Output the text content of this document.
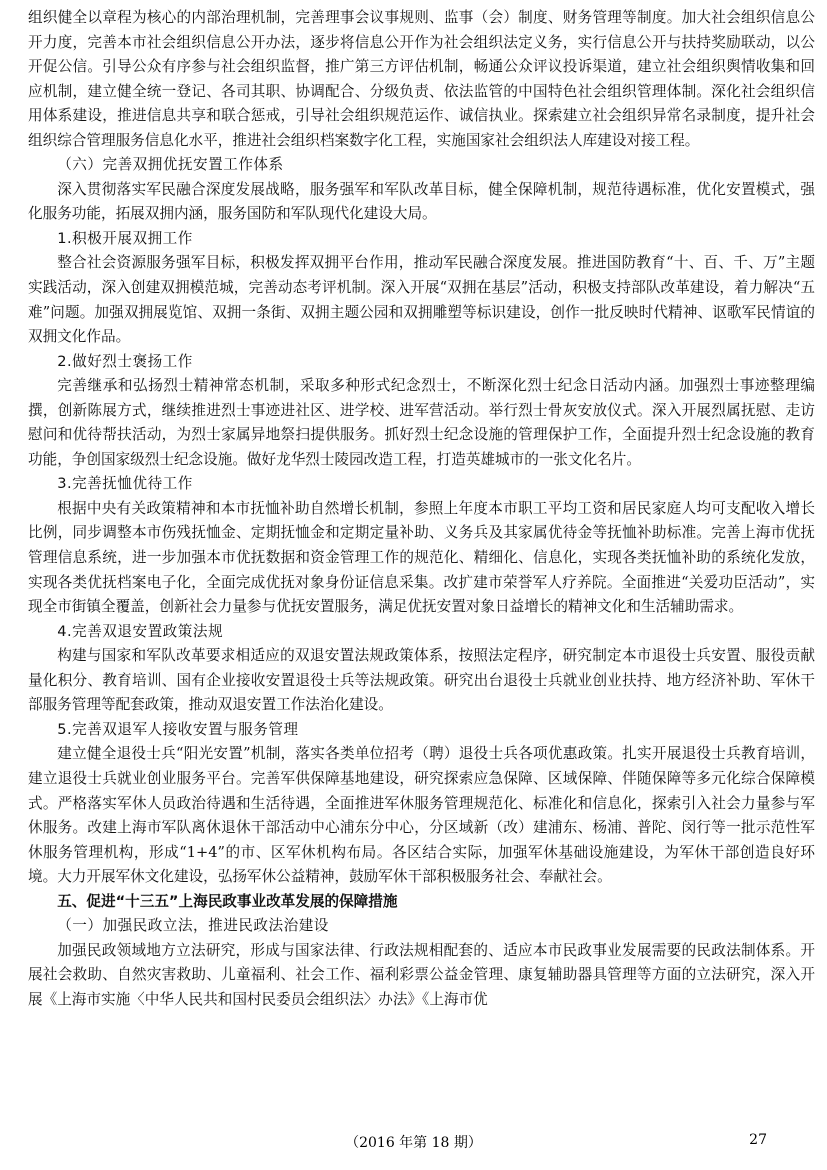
组织健全以章程为核心的内部治理机制，完善理事会议事规则、监事（会）制度、财务管理等制度。加大社会组织信息公开力度，完善本市社会组织信息公开办法，逐步将信息公开作为社会组织法定义务，实行信息公开与扶持奖励联动，以公开促公信。引导公众有序参与社会组织监督，推广第三方评估机制，畅通公众评议投诉渠道，建立社会组织舆情收集和回应机制，建立健全统一登记、各司其职、协调配合、分级负责、依法监管的中国特色社会组织管理体制。深化社会组织信用体系建设，推进信息共享和联合惩戒，引导社会组织规范运作、诚信执业。探索建立社会组织异常名录制度，提升社会组织综合管理服务信息化水平，推进社会组织档案数字化工程，实施国家社会组织法人库建设对接工程。

（六）完善双拥优抚安置工作体系

深入贯彻落实军民融合深度发展战略，服务强军和军队改革目标，健全保障机制，规范待遇标准，优化安置模式，强化服务功能，拓展双拥内涵，服务国防和军队现代化建设大局。

1.积极开展双拥工作

整合社会资源服务强军目标，积极发挥双拥平台作用，推动军民融合深度发展。推进国防教育“十、百、千、万”主题实践活动，深入创建双拥模范城，完善动态考评机制。深入开展“双拥在基层”活动，积极支持部队改革建设，着力解决“五难”问题。加强双拥展览馆、双拥一条街、双拥主题公园和双拥雕塑等标识建设，创作一批反映时代精神、讴歌军民情谊的双拥文化作品。

2.做好烈士褒扬工作

完善继承和弘扬烈士精神常态机制，采取多种形式纪念烈士，不断深化烈士纪念日活动内涵。加强烈士事迹整理编撰，创新陈展方式，继续推进烈士事迹进社区、进学校、进军营活动。举行烈士骨灰安放仪式。深入开展烈属抚慰、走访慰问和优待帮扶活动，为烈士家属异地祭扫提供服务。抓好烈士纪念设施的管理保护工作，全面提升烈士纪念设施的教育功能，争创国家级烈士纪念设施。做好龙华烈士陵园改造工程，打造英雄城市的一张文化名片。

3.完善抚恤优待工作

根据中央有关政策精神和本市抚恤补助自然增长机制，参照上年度本市职工平均工资和居民家庭人均可支配收入增长比例，同步调整本市伤残抚恤金、定期抚恤金和定期定量补助、义务兵及其家属优待金等抚恤补助标准。完善上海市优抚管理信息系统，进一步加强本市优抚数据和资金管理工作的规范化、精细化、信息化，实现各类抚恤补助的系统化发放，实现各类优抚档案电子化，全面完成优抚对象身份证信息采集。改扩建市荣誉军人疗养院。全面推进“关爱功臣活动”，实现全市街镇全覆盖，创新社会力量参与优抚安置服务，满足优抚安置对象日益增长的精神文化和生活辅助需求。

4.完善双退安置政策法规

构建与国家和军队改革要求相适应的双退安置法规政策体系，按照法定程序，研究制定本市退役士兵安置、服役贡献量化积分、教育培训、国有企业接收安置退役士兵等法规政策。研究出台退役士兵就业创业扶持、地方经济补助、军休干部服务管理等配套政策，推动双退安置工作法治化建设。

5.完善双退军人接收安置与服务管理

建立健全退役士兵“阳光安置”机制，落实各类单位招考（聘）退役士兵各项优惠政策。扎实开展退役士兵教育培训，建立退役士兵就业创业服务平台。完善军供保障基地建设，研究探索应急保障、区域保障、伴随保障等多元化综合保障模式。严格落实军休人员政治待遇和生活待遇，全面推进军休服务管理规范化、标准化和信息化，探索引入社会力量参与军休服务。改建上海市军队离休退休干部活动中心浦东分中心，分区域新（改）建浦东、杨浦、普陀、闵行等一批示范性军休服务管理机构，形成“1+4”的市、区军休机构布局。各区结合实际，加强军休基础设施建设，为军休干部创造良好环境。大力开展军休文化建设，弘扬军休公益精神，鼓励军休干部积极服务社会、奉献社会。

五、促进“十三五”上海民政事业改革发展的保障措施

（一）加强民政立法，推进民政法治建设

加强民政领域地方立法研究，形成与国家法律、行政法规相配套的、适应本市民政事业发展需要的民政法制体系。开展社会救助、自然灾害救助、儿童福利、社会工作、福利彩票公益金管理、康复辅助器具管理等方面的立法研究，深入开展《上海市实施〈中华人民共和国村民委员会组织法〉办法》《上海市优

（2016 年第 18 期）	27
